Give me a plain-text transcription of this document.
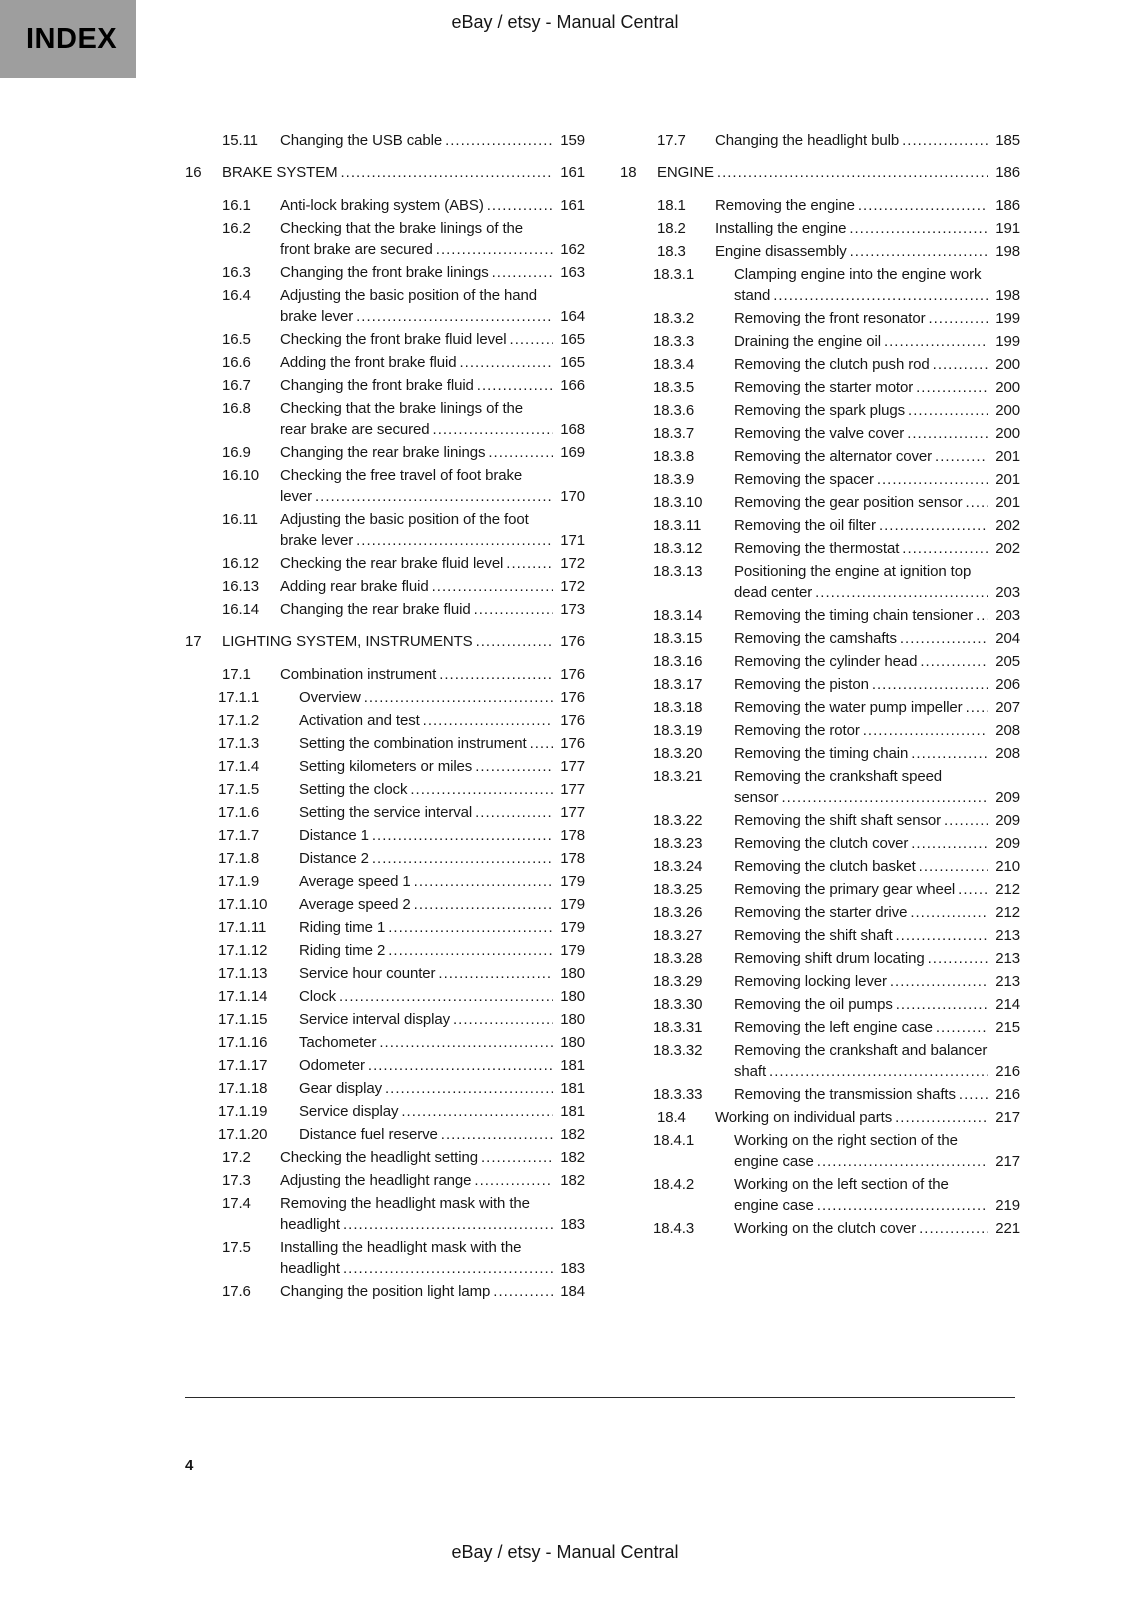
INDEX
eBay / etsy - Manual Central
15.11 Changing the USB cable .....	159
16 BRAKE SYSTEM .....	161
16.1 Anti-lock braking system (ABS) .....	161
16.2 Checking that the brake linings of the front brake are secured .....	162
16.3 Changing the front brake linings .....	163
16.4 Adjusting the basic position of the hand brake lever .....	164
16.5 Checking the front brake fluid level .....	165
16.6 Adding the front brake fluid .....	165
16.7 Changing the front brake fluid .....	166
16.8 Checking that the brake linings of the rear brake are secured .....	168
16.9 Changing the rear brake linings .....	169
16.10 Checking the free travel of foot brake lever .....	170
16.11 Adjusting the basic position of the foot brake lever .....	171
16.12 Checking the rear brake fluid level .....	172
16.13 Adding rear brake fluid .....	172
16.14 Changing the rear brake fluid .....	173
17 LIGHTING SYSTEM, INSTRUMENTS .....	176
17.1 Combination instrument .....	176
17.1.1	Overview .....	176
17.1.2	Activation and test .....	176
17.1.3	Setting the combination instrument .....	176
17.1.4	Setting kilometers or miles .....	177
17.1.5	Setting the clock .....	177
17.1.6	Setting the service interval .....	177
17.1.7	Distance 1 .....	178
17.1.8	Distance 2 .....	178
17.1.9	Average speed 1 .....	179
17.1.10 Average speed 2 .....	179
17.1.11 Riding time 1 .....	179
17.1.12 Riding time 2 .....	179
17.1.13 Service hour counter .....	180
17.1.14 Clock .....	180
17.1.15 Service interval display .....	180
17.1.16 Tachometer .....	180
17.1.17 Odometer .....	181
17.1.18 Gear display .....	181
17.1.19 Service display .....	181
17.1.20 Distance fuel reserve .....	182
17.2 Checking the headlight setting .....	182
17.3 Adjusting the headlight range .....	182
17.4 Removing the headlight mask with the headlight .....	183
17.5 Installing the headlight mask with the headlight .....	183
17.6 Changing the position light lamp .....	184
17.7 Changing the headlight bulb .....	185
18 ENGINE .....	186
18.1 Removing the engine .....	186
18.2 Installing the engine .....	191
18.3 Engine disassembly .....	198
18.3.1	Clamping engine into the engine work stand .....	198
18.3.2	Removing the front resonator .....	199
18.3.3	Draining the engine oil .....	199
18.3.4	Removing the clutch push rod .....	200
18.3.5	Removing the starter motor .....	200
18.3.6	Removing the spark plugs .....	200
18.3.7	Removing the valve cover .....	200
18.3.8	Removing the alternator cover .....	201
18.3.9	Removing the spacer .....	201
18.3.10 Removing the gear position sensor .....	201
18.3.11 Removing the oil filter .....	202
18.3.12 Removing the thermostat .....	202
18.3.13 Positioning the engine at ignition top dead center .....	203
18.3.14 Removing the timing chain tensioner .....	203
18.3.15 Removing the camshafts .....	204
18.3.16 Removing the cylinder head .....	205
18.3.17 Removing the piston .....	206
18.3.18 Removing the water pump impeller .....	207
18.3.19 Removing the rotor .....	208
18.3.20 Removing the timing chain .....	208
18.3.21 Removing the crankshaft speed sensor .....	209
18.3.22 Removing the shift shaft sensor .....	209
18.3.23 Removing the clutch cover .....	209
18.3.24 Removing the clutch basket .....	210
18.3.25 Removing the primary gear wheel .....	212
18.3.26 Removing the starter drive .....	212
18.3.27 Removing the shift shaft .....	213
18.3.28 Removing shift drum locating .....	213
18.3.29 Removing locking lever .....	213
18.3.30 Removing the oil pumps .....	214
18.3.31 Removing the left engine case .....	215
18.3.32 Removing the crankshaft and balancer shaft .....	216
18.3.33 Removing the transmission shafts .....	216
18.4 Working on individual parts .....	217
18.4.1	Working on the right section of the engine case .....	217
18.4.2	Working on the left section of the engine case .....	219
18.4.3	Working on the clutch cover .....	221
4
eBay / etsy - Manual Central
